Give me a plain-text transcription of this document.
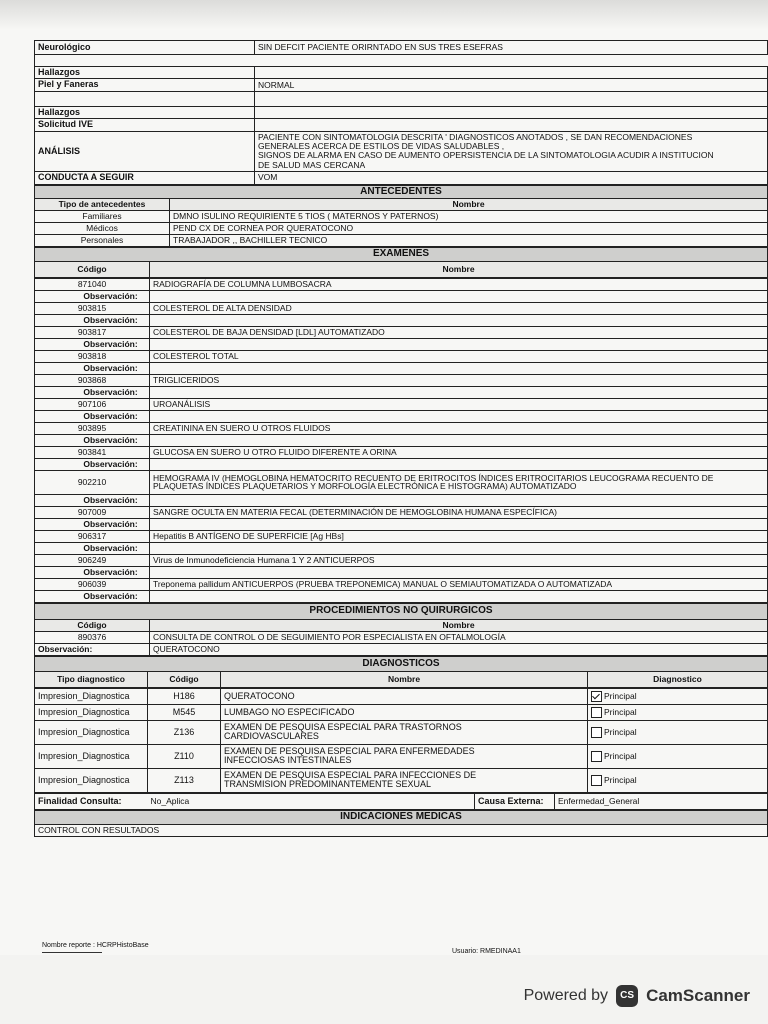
Neurológico	SIN DEFCIT PACIENTE ORIRNTADO EN SUS TRES ESEFRAS

Hallazgos	
Piel y Faneras	NORMAL

Hallazgos	
Solicitud IVE	
ANÁLISIS	PACIENTE CON SINTOMATOLOGIA DESCRITA ' DIAGNOSTICOS ANOTADOS , SE DAN RECOMENDACIONES
GENERALES ACERCA DE ESTILOS DE VIDAS SALUDABLES ,
SIGNOS DE ALARMA EN CASO DE AUMENTO OPERSISTENCIA DE LA SINTOMATOLOGIA ACUDIR A INSTITUCION
DE SALUD MAS CERCANA

CONDUCTA A SEGUIR	VOM
ANTECEDENTES	
Tipo de antecedentes	Nombre
Familiares	DMNO ISULINO REQUIRIENTE 5 TIOS ( MATERNOS Y PATERNOS)
Médicos	PEND CX DE CORNEA POR QUERATOCONO
Personales	TRABAJADOR ,, BACHILLER TECNICO
EXAMENES
Código	Nombre
871040	RADIOGRAFÍA DE COLUMNA LUMBOSACRA
Observación:	
903815	COLESTEROL DE ALTA DENSIDAD
Observación:	
903817	COLESTEROL DE BAJA DENSIDAD [LDL] AUTOMATIZADO
Observación:	
903818	COLESTEROL TOTAL
Observación:	
903868	TRIGLICERIDOS
Observación:	
907106	UROANÁLISIS
Observación:	
903895	CREATININA EN SUERO U OTROS FLUIDOS
Observación:	
903841	GLUCOSA EN SUERO U OTRO FLUIDO DIFERENTE A ORINA
Observación:	
902210	HEMOGRAMA IV (HEMOGLOBINA HEMATOCRITO RECUENTO DE ERITROCITOS ÍNDICES ERITROCITARIOS LEUCOGRAMA RECUENTO DE
PLAQUETAS ÍNDICES PLAQUETARIOS Y MORFOLOGÍA ELECTRÓNICA E HISTOGRAMA) AUTOMATIZADO

Observación:	
907009	SANGRE OCULTA EN MATERIA FECAL (DETERMINACIÓN DE HEMOGLOBINA HUMANA ESPECÍFICA)
Observación:	
906317	Hepatitis B ANTÍGENO DE SUPERFICIE [Ag HBs]
Observación:	
906249	Virus de Inmunodeficiencia Humana 1 Y 2 ANTICUERPOS
Observación:	
906039	Treponema pallidum ANTICUERPOS (PRUEBA TREPONEMICA) MANUAL O SEMIAUTOMATIZADA O AUTOMATIZADA
Observación:	
PROCEDIMIENTOS NO QUIRURGICOS	
Código	Nombre
890376	CONSULTA DE CONTROL O DE SEGUIMIENTO POR ESPECIALISTA EN OFTALMOLOGÍA
Observación:	QUERATOCONO
DIAGNOSTICOS
Tipo diagnostico	Código	Nombre	Diagnostico
Impresion_Diagnostica	H186	QUERATOCONO	Principal
Impresion_Diagnostica	M545	LUMBAGO NO ESPECIFICADO	Principal
Impresion_Diagnostica	Z136	EXAMEN DE PESQUISA ESPECIAL PARA TRASTORNOS
CARDIOVASCULARES	Principal
Impresion_Diagnostica	Z110	EXAMEN DE PESQUISA ESPECIAL PARA ENFERMEDADES
INFECCIOSAS INTESTINALES	Principal
Impresion_Diagnostica	Z113	EXAMEN DE PESQUISA ESPECIAL PARA INFECCIONES DE
TRANSMISION PREDOMINANTEMENTE SEXUAL	Principal
Finalidad Consulta:	No_Aplica	Causa Externa:	Enfermedad_General
INDICACIONES MEDICAS
CONTROL CON RESULTADOS
Nombre reporte : HCRPHistoBase
Usuario: RMEDINAA1
Powered by	CS CamScanner
